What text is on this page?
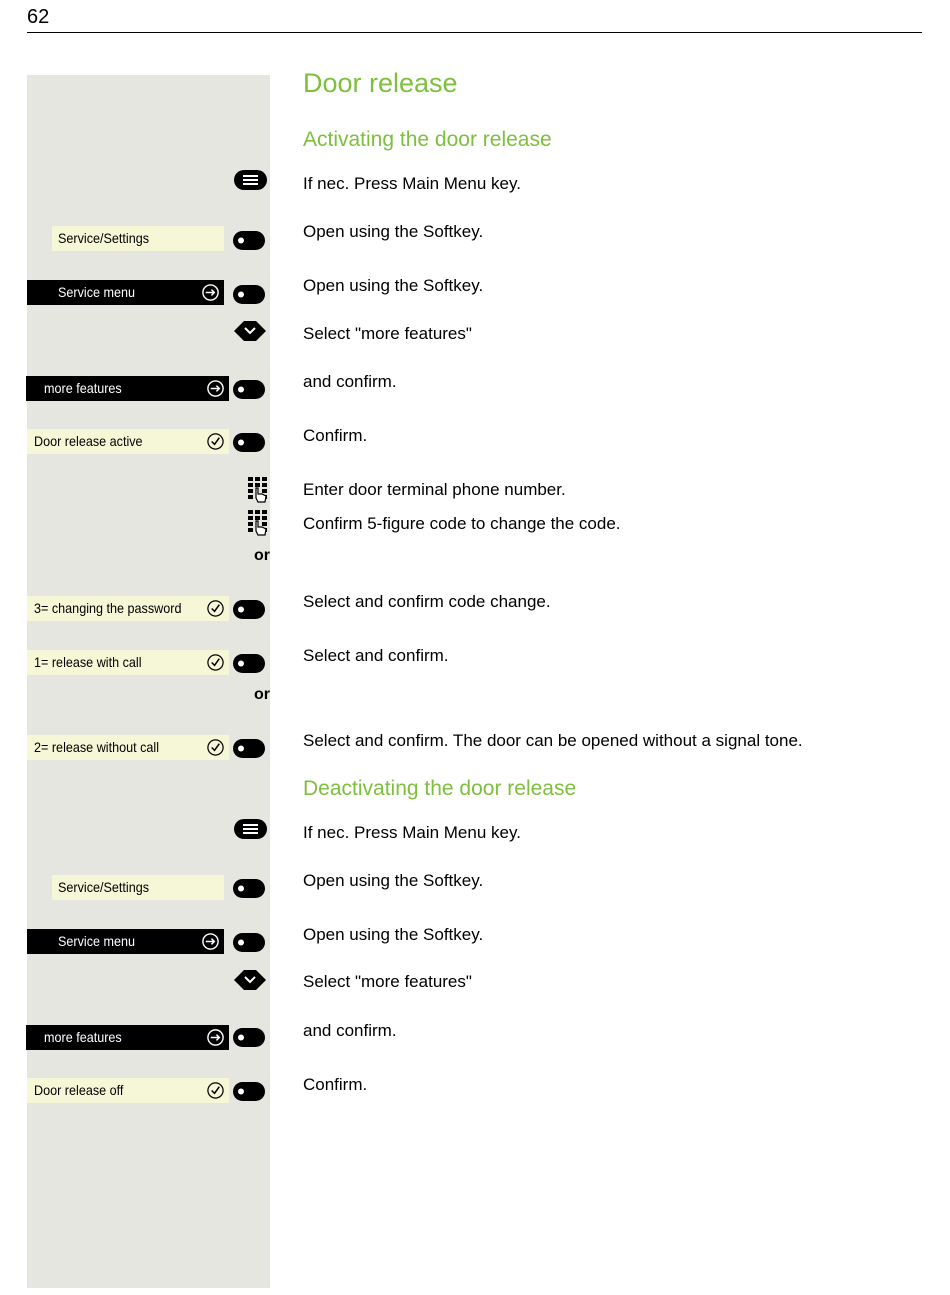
62
Door release
Activating the door release
Deactivating the door release
If nec. Press Main Menu key.
Open using the Softkey.
Open using the Softkey.
Select "more features"
and confirm.
Confirm.
Enter door terminal phone number.
Confirm 5-figure code to change the code.
Select and confirm code change.
Select and confirm.
Select and confirm. The door can be opened without a signal tone.
If nec. Press Main Menu key.
Open using the Softkey.
Open using the Softkey.
Select "more features"
and confirm.
Confirm.
Service/Settings
Service menu
more features
Door release active
3= changing the password
1= release with call
2= release without call
Service/Settings
Service menu
more features
Door release off
or
or
